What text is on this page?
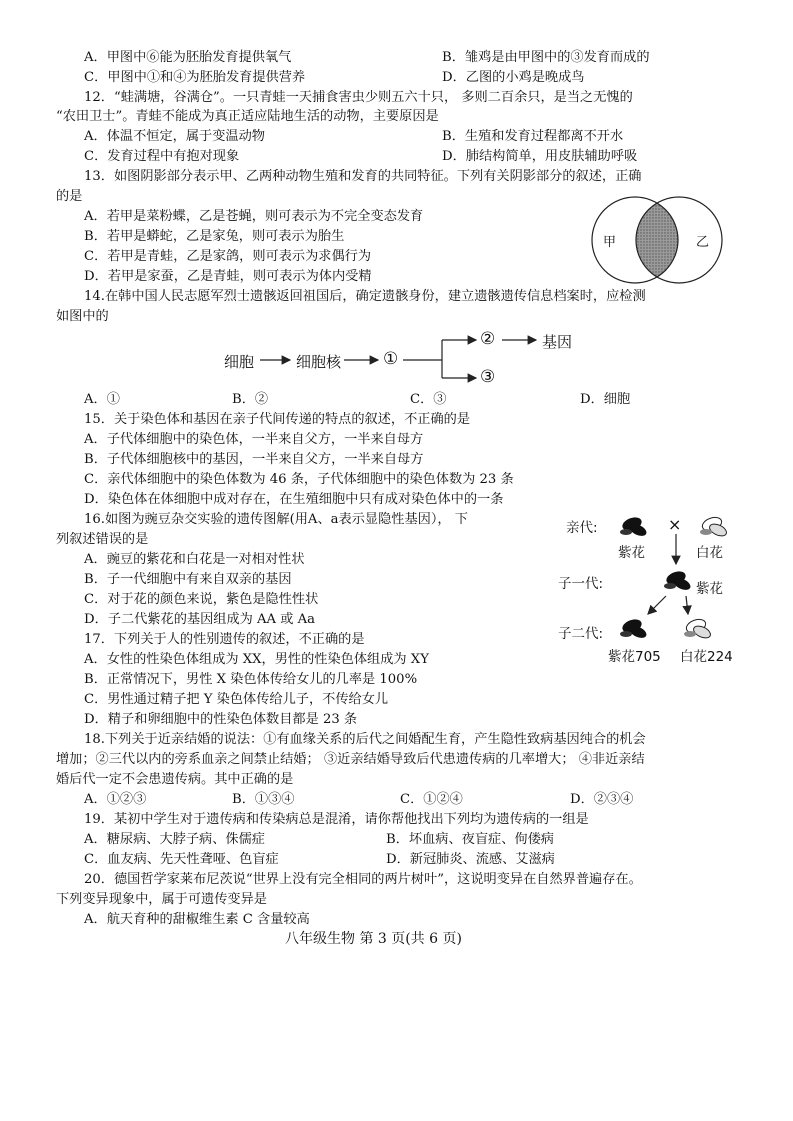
A．甲图中⑥能为胚胎发育提供氧气	B．雏鸡是由甲图中的③发育而成的
C．甲图中①和④为胚胎发育提供营养	D．乙图的小鸡是晚成鸟
12．“蛙满塘，谷满仓”。一只青蛙一天捕食害虫少则五六十只， 多则二百余只，是当之无愧的
“农田卫士”。青蛙不能成为真正适应陆地生活的动物，主要原因是
A．体温不恒定，属于变温动物	B．生殖和发育过程都离不开水
C．发育过程中有抱对现象	D．肺结构简单，用皮肤辅助呼吸
13．如图阴影部分表示甲、乙两种动物生殖和发育的共同特征。下列有关阴影部分的叙述，正确
的是
A．若甲是菜粉蝶，乙是苍蝇，则可表示为不完全变态发育
B．若甲是蟒蛇，乙是家兔，则可表示为胎生
C．若甲是青蛙，乙是家鸽，则可表示为求偶行为
D．若甲是家蚕，乙是青蛙，则可表示为体内受精
甲	乙
14.在韩中国人民志愿军烈士遗骸返回祖国后，确定遗骸身份，建立遗骸遗传信息档案时，应检测
如图中的
细胞	细胞核 ①
②
③
基因
A．①	B．②	C．③	D．细胞
15．关于染色体和基因在亲子代间传递的特点的叙述，不正确的是
A．子代体细胞中的染色体，一半来自父方，一半来自母方
B．子代体细胞核中的基因，一半来自父方，一半来自母方
C．亲代体细胞中的染色体数为 46 条，子代体细胞中的染色体数为 23 条
D．染色体在体细胞中成对存在，在生殖细胞中只有成对染色体中的一条
16.如图为豌豆杂交实验的遗传图解(用A、a表示显隐性基因）， 下
列叙述错误的是
A．豌豆的紫花和白花是一对相对性状
B．子一代细胞中有来自双亲的基因
C．对于花的颜色来说，紫色是隐性性状
D．子二代紫花的基因组成为 AA 或 Aa
亲代:	×
紫花	白花
子一代:	紫花
子二代:
紫花705 白花224
17．下列关于人的性别遗传的叙述，不正确的是
A．女性的性染色体组成为 XX，男性的性染色体组成为 XY
B．正常情况下，男性 X 染色体传给女儿的几率是 100%
C．男性通过精子把 Y 染色体传给儿子，不传给女儿
D．精子和卵细胞中的性染色体数目都是 23 条
18.下列关于近亲结婚的说法：①有血缘关系的后代之间婚配生育，产生隐性致病基因纯合的机会
增加；②三代以内的旁系血亲之间禁止结婚； ③近亲结婚导致后代患遗传病的几率增大； ④非近亲结
婚后代一定不会患遗传病。其中正确的是
A．①②③	B．①③④	C．①②④	D．②③④
19．某初中学生对于遗传病和传染病总是混淆，请你帮他找出下列均为遗传病的一组是
A．糖尿病、大脖子病、侏儒症	B．坏血病、夜盲症、佝偻病
C．血友病、先天性聋哑、色盲症	D．新冠肺炎、流感、艾滋病
20．德国哲学家莱布尼茨说“世界上没有完全相同的两片树叶”，这说明变异在自然界普遍存在。
下列变异现象中，属于可遗传变异是
A．航天育种的甜椒维生素 C 含量较高
八年级生物 第 3 页(共 6 页)
